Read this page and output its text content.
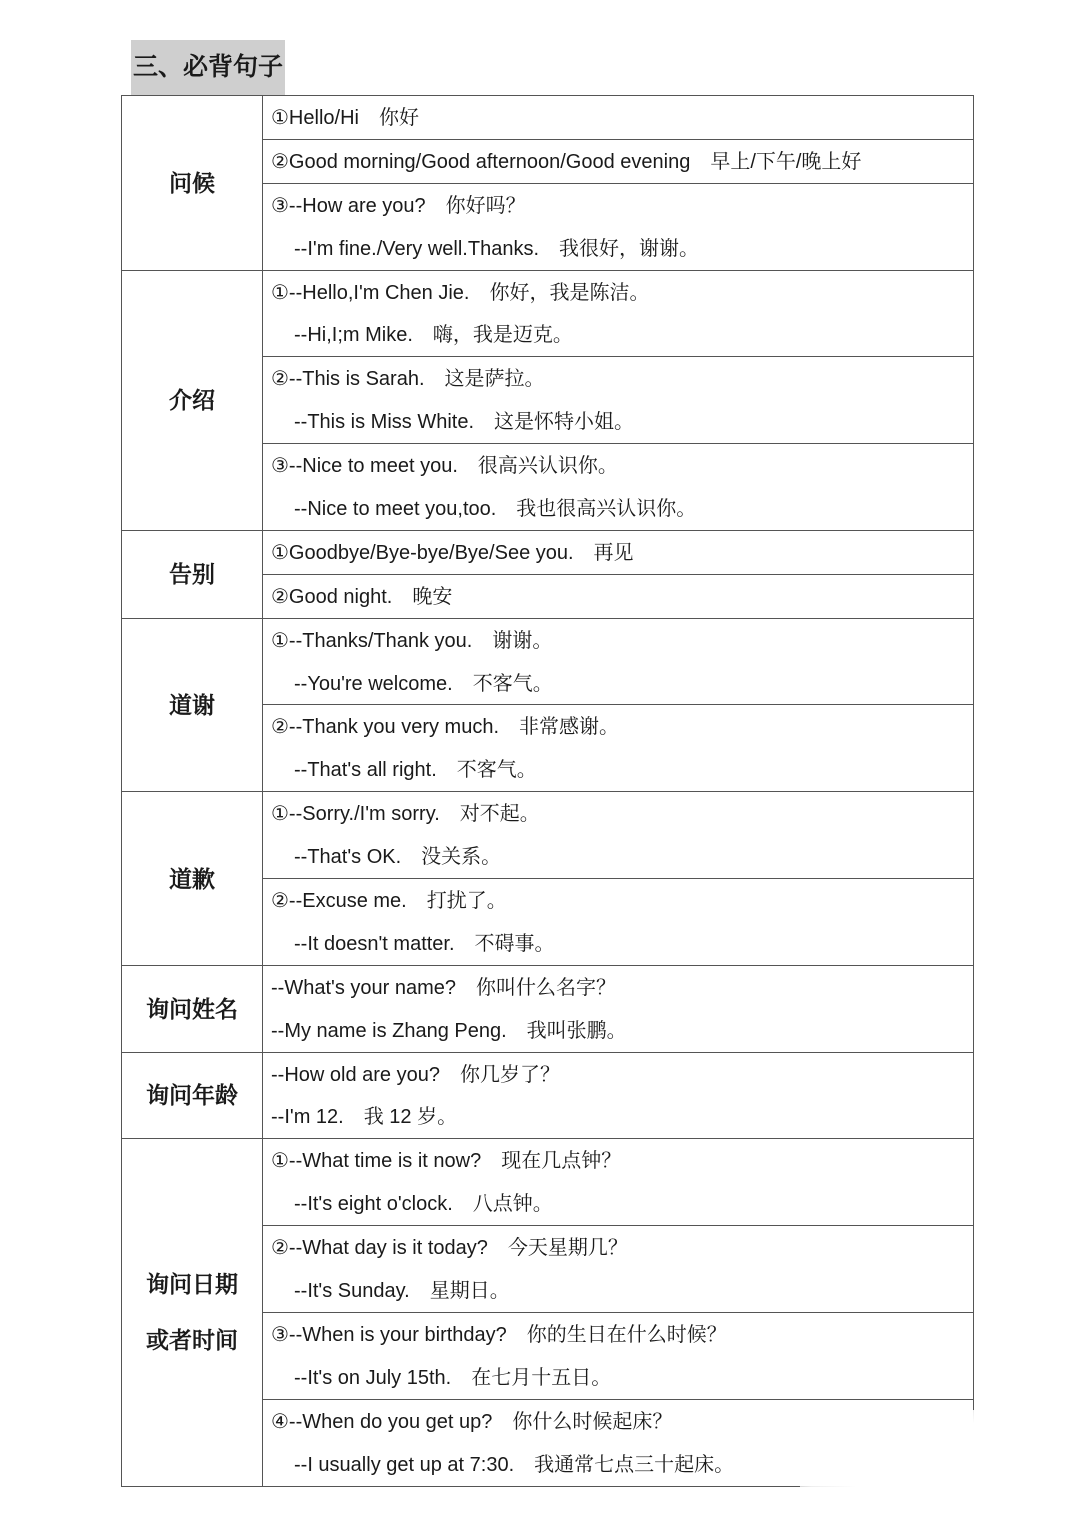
三、必背句子
问候
①Hello/Hi　你好
②Good morning/Good afternoon/Good evening　早上/下午/晚上好
③--How are you?　你好吗？
--I'm fine./Very well.Thanks.　我很好，谢谢。
介绍
①--Hello,I'm Chen Jie.　你好，我是陈洁。
--Hi,I;m Mike.　嗨，我是迈克。
②--This is Sarah.　这是萨拉。
--This is Miss White.　这是怀特小姐。
③--Nice to meet you.　很高兴认识你。
--Nice to meet you,too.　我也很高兴认识你。
告别
①Goodbye/Bye-bye/Bye/See you.　再见
②Good night.　晚安
道谢
①--Thanks/Thank you.　谢谢。
--You're welcome.　不客气。
②--Thank you very much.　非常感谢。
--That's all right.　不客气。
道歉
①--Sorry./I'm sorry.　对不起。
--That's OK.　没关系。
②--Excuse me.　打扰了。
--It doesn't matter.　不碍事。
询问姓名
--What's your name?　你叫什么名字？
--My name is Zhang Peng.　我叫张鹏。
询问年龄
--How old are you?　你几岁了？
--I'm 12.　我 12 岁。
询问日期
或者时间
①--What time is it now?　现在几点钟？
--It's eight o'clock.　八点钟。
②--What day is it today?　今天星期几？
--It's Sunday.　星期日。
③--When is your birthday?　你的生日在什么时候？
--It's on July 15th.　在七月十五日。
④--When do you get up?　你什么时候起床？
--I usually get up at 7:30.　我通常七点三十起床。
